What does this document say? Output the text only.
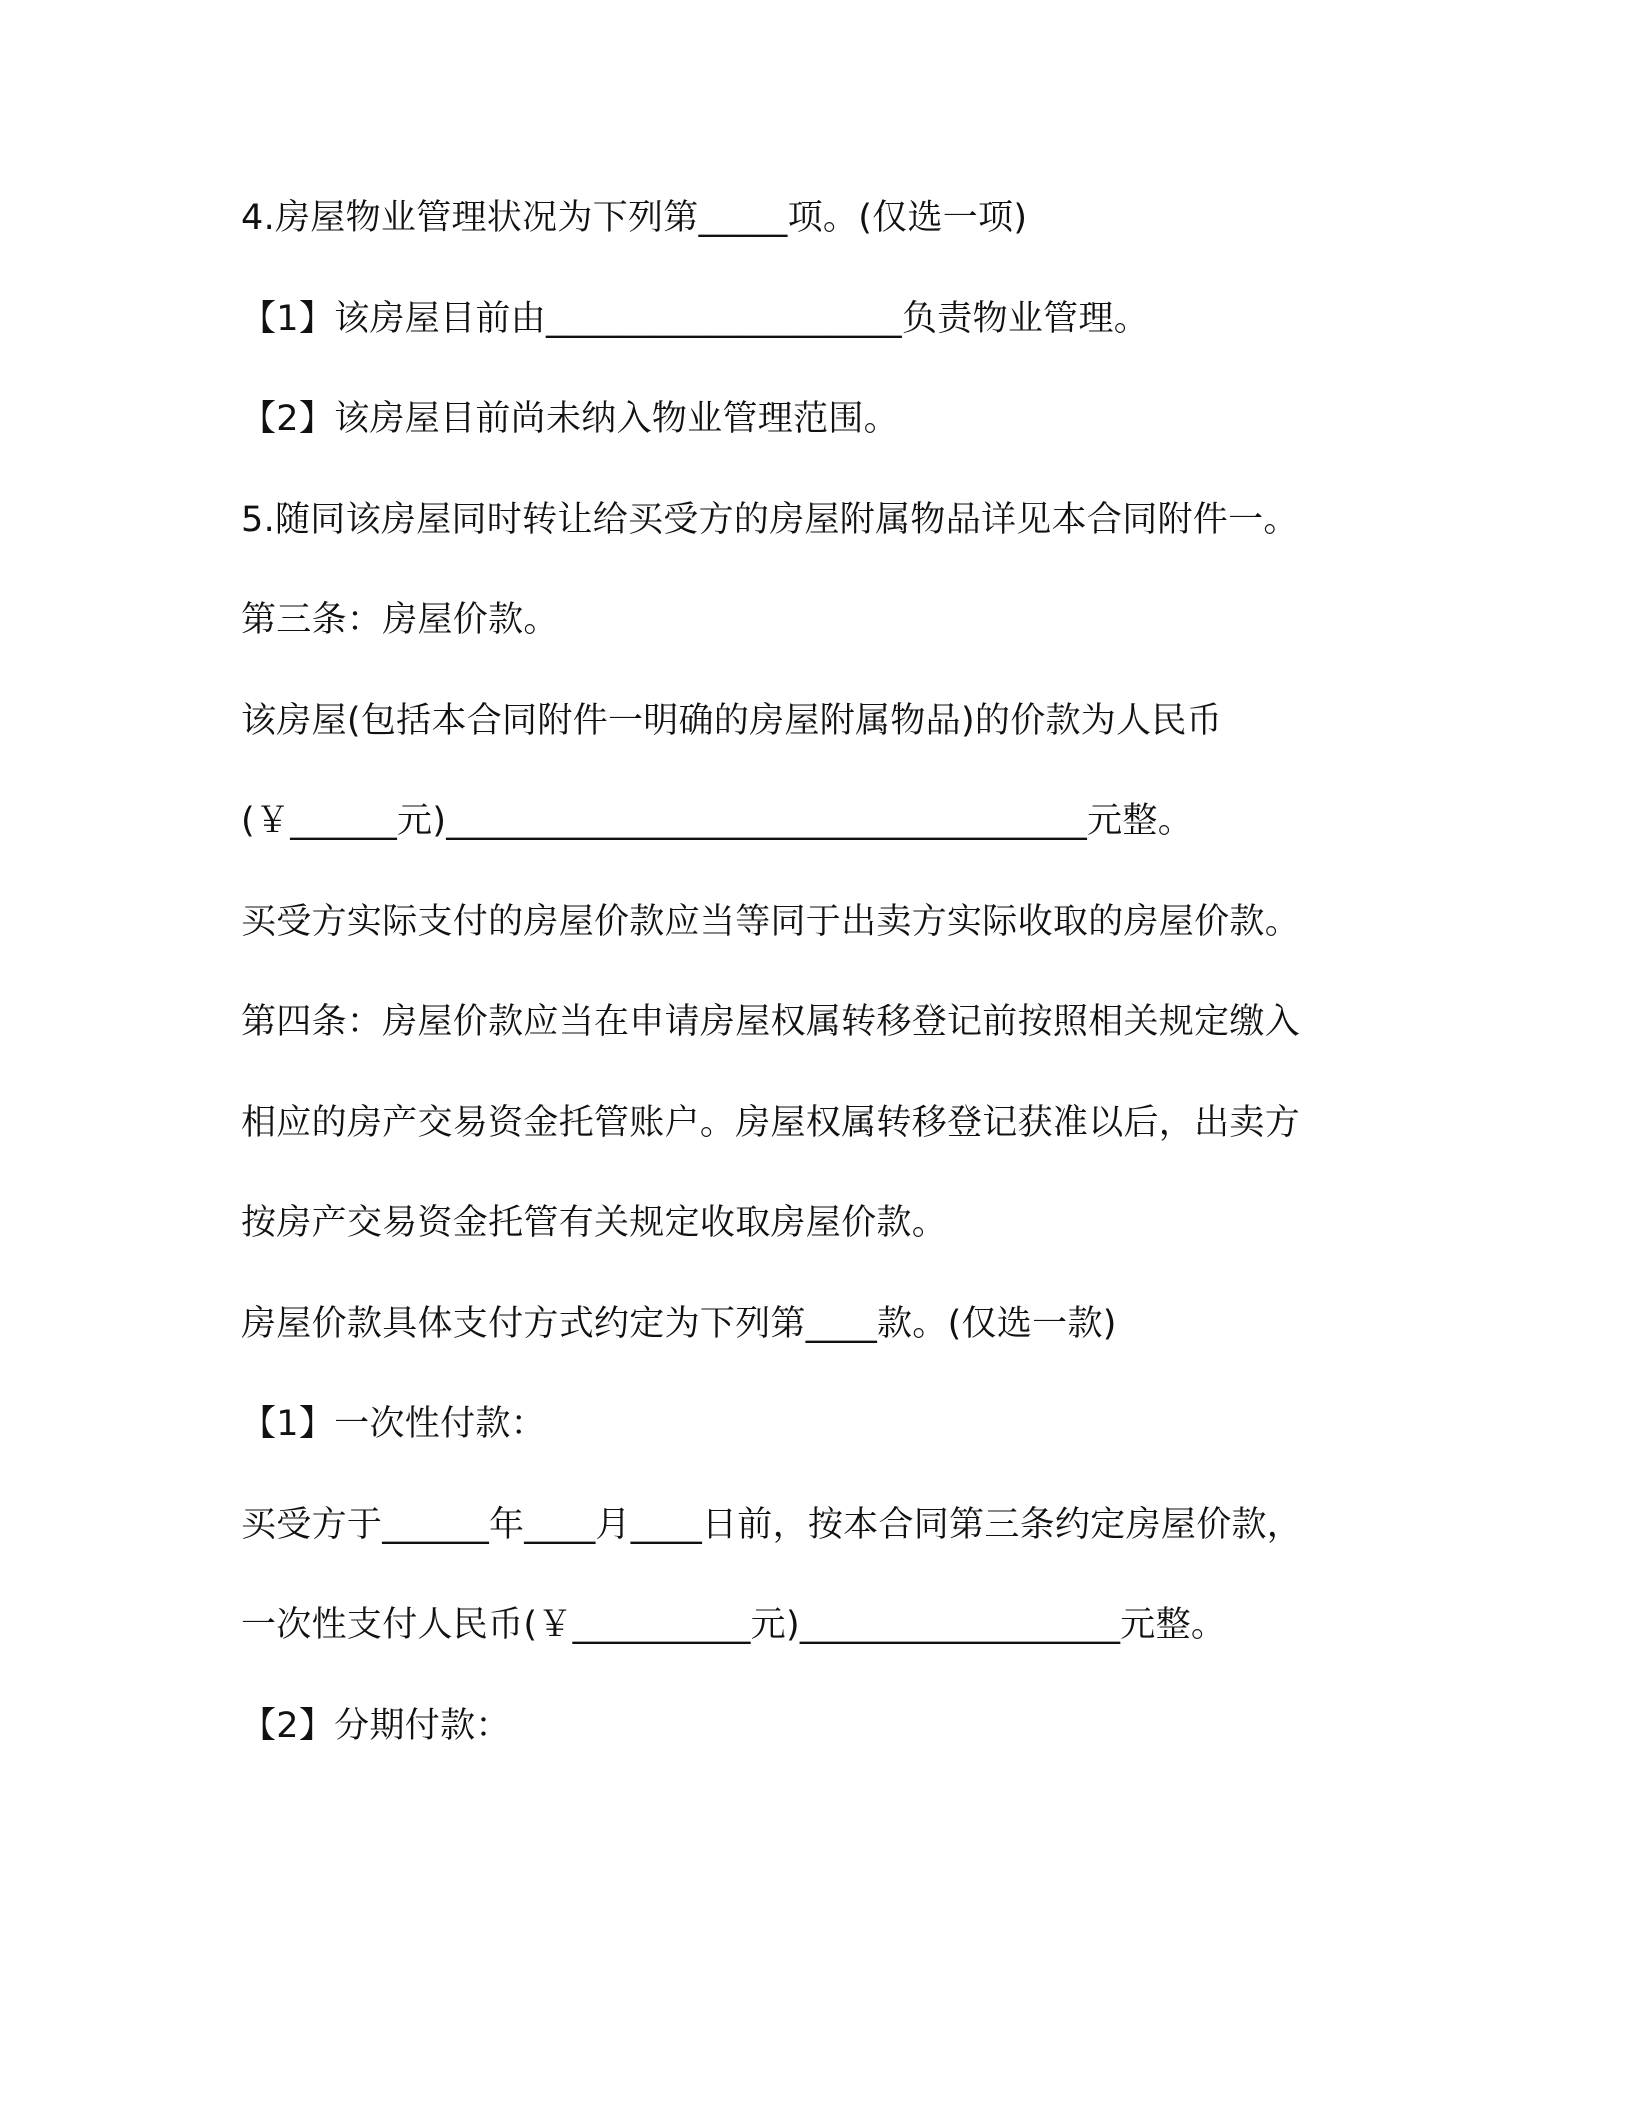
4.房屋物业管理状况为下列第_____项。(仅选一项)
【1】该房屋目前由____________________负责物业管理。
【2】该房屋目前尚未纳入物业管理范围。
5.随同该房屋同时转让给买受方的房屋附属物品详见本合同附件一。
第三条：房屋价款。
该房屋(包括本合同附件一明确的房屋附属物品)的价款为人民币
(￥______元)____________________________________元整。
买受方实际支付的房屋价款应当等同于出卖方实际收取的房屋价款。
第四条：房屋价款应当在申请房屋权属转移登记前按照相关规定缴入
相应的房产交易资金托管账户。房屋权属转移登记获准以后，出卖方
按房产交易资金托管有关规定收取房屋价款。
房屋价款具体支付方式约定为下列第____款。(仅选一款)
【1】一次性付款：
买受方于______年____月____日前，按本合同第三条约定房屋价款，
一次性支付人民币(￥__________元)__________________元整。
【2】分期付款：
